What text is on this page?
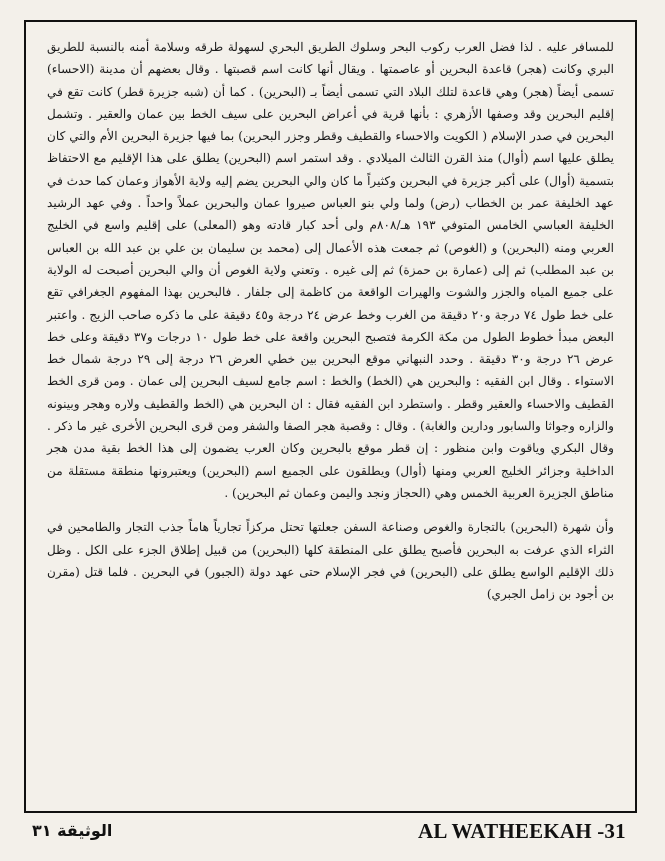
للمسافر عليه . لذا فضل العرب ركوب البحر وسلوك الطريق البحري لسهولة طرقه وسلامة أمنه بالنسبة للطريق البري وكانت (هجر) قاعدة البحرين أو عاصمتها . ويقال أنها كانت اسم قصبتها . وقال بعضهم أن مدينة (الاحساء) تسمى أيضاً (هجر) وهي قاعدة لتلك البلاد التي تسمى أيضاً بـ (البحرين) . كما أن (شبه جزيرة قطر) كانت تقع في إقليم البحرين وقد وصفها الأزهري : بأنها قرية في أعراض البحرين على سيف الخط بين عمان والعقير . وتشمل البحرين في صدر الإسلام ( الكويت والاحساء والقطيف وقطر وجزر البحرين) بما فيها جزيرة البحرين الأم والتي كان يطلق عليها اسم (أوال) منذ القرن الثالث الميلادي . وقد استمر اسم (البحرين) يطلق على هذا الإقليم مع الاحتفاظ بتسمية (أوال) على أكبر جزيرة في البحرين وكثيراً ما كان والي البحرين يضم إليه ولاية الأهواز وعمان كما حدث في عهد الخليفة عمر بن الخطاب (رض) ولما ولي بنو العباس صيروا عمان والبحرين عملاً واحداً . وفي عهد الرشيد الخليفة العباسي الخامس المتوفي ١٩٣ هـ/٨٠٨م ولى أحد كبار قادته وهو (المعلى) على إقليم واسع في الخليج العربي ومنه (البحرين) و (الغوص) ثم جمعت هذه الأعمال إلى (محمد بن سليمان بن علي بن عبد الله بن العباس بن عبد المطلب) ثم إلى (عمارة بن حمزة) ثم إلى غيره . وتعني ولاية الغوص أن والي البحرين أصبحت له الولاية على جميع المياه والجزر والشوت والهيرات الواقعة من كاظمة إلى جلفار . فالبحرين بهذا المفهوم الجغرافي تقع على خط طول ٧٤ درجة و٢٠ دقيقة من الغرب وخط عرض ٢٤ درجة و٤٥ دقيقة على ما ذكره صاحب الزيج . واعتبر البعض مبدأ خطوط الطول من مكة الكرمة فتصبح البحرين واقعة على خط طول ١٠ درجات و٣٧ دقيقة وعلى خط عرض ٢٦ درجة و٣٠ دقيقة . وحدد النبهاني موقع البحرين بين خطي العرض ٢٦ درجة إلى ٢٩ درجة شمال خط الاستواء . وقال ابن الفقيه : والبحرين هي (الخط) والخط : اسم جامع لسيف البحرين إلى عمان . ومن قرى الخط القطيف والاحساء والعقير وقطر . واستطرد ابن الفقيه فقال : ان البحرين هي (الخط والقطيف ولاره وهجر وبينونه والزاره وجواثا والسابور ودارين والغابة) . وقال : وقصبة هجر الصفا والشفر ومن قرى البحرين الأخرى غير ما ذكر . وقال البكري وياقوت وابن منظور : إن قطر موقع بالبحرين وكان العرب يضمون إلى هذا الخط بقية مدن هجر الداخلية وجزائر الخليج العربي ومنها (أوال) ويطلقون على الجميع اسم (البحرين) ويعتبرونها منطقة مستقلة من مناطق الجزيرة العربية الخمس وهي (الحجاز ونجد واليمن وعمان ثم البحرين) .

وأن شهرة (البحرين) بالتجارة والغوص وصناعة السفن جعلتها تحتل مركزاً تجارياً هاماً جذب التجار والطامحين في الثراء الذي عرفت به البحرين فأصبح يطلق على المنطقة كلها (البحرين) من قبيل إطلاق الجزء على الكل . وظل ذلك الإقليم الواسع يطلق على (البحرين) في فجر الإسلام حتى عهد دولة (الجبور) في البحرين . فلما قتل (مقرن بن أجود بن زامل الجبري)

AL WATHEEKAH -31
الوثيقة ٣١
